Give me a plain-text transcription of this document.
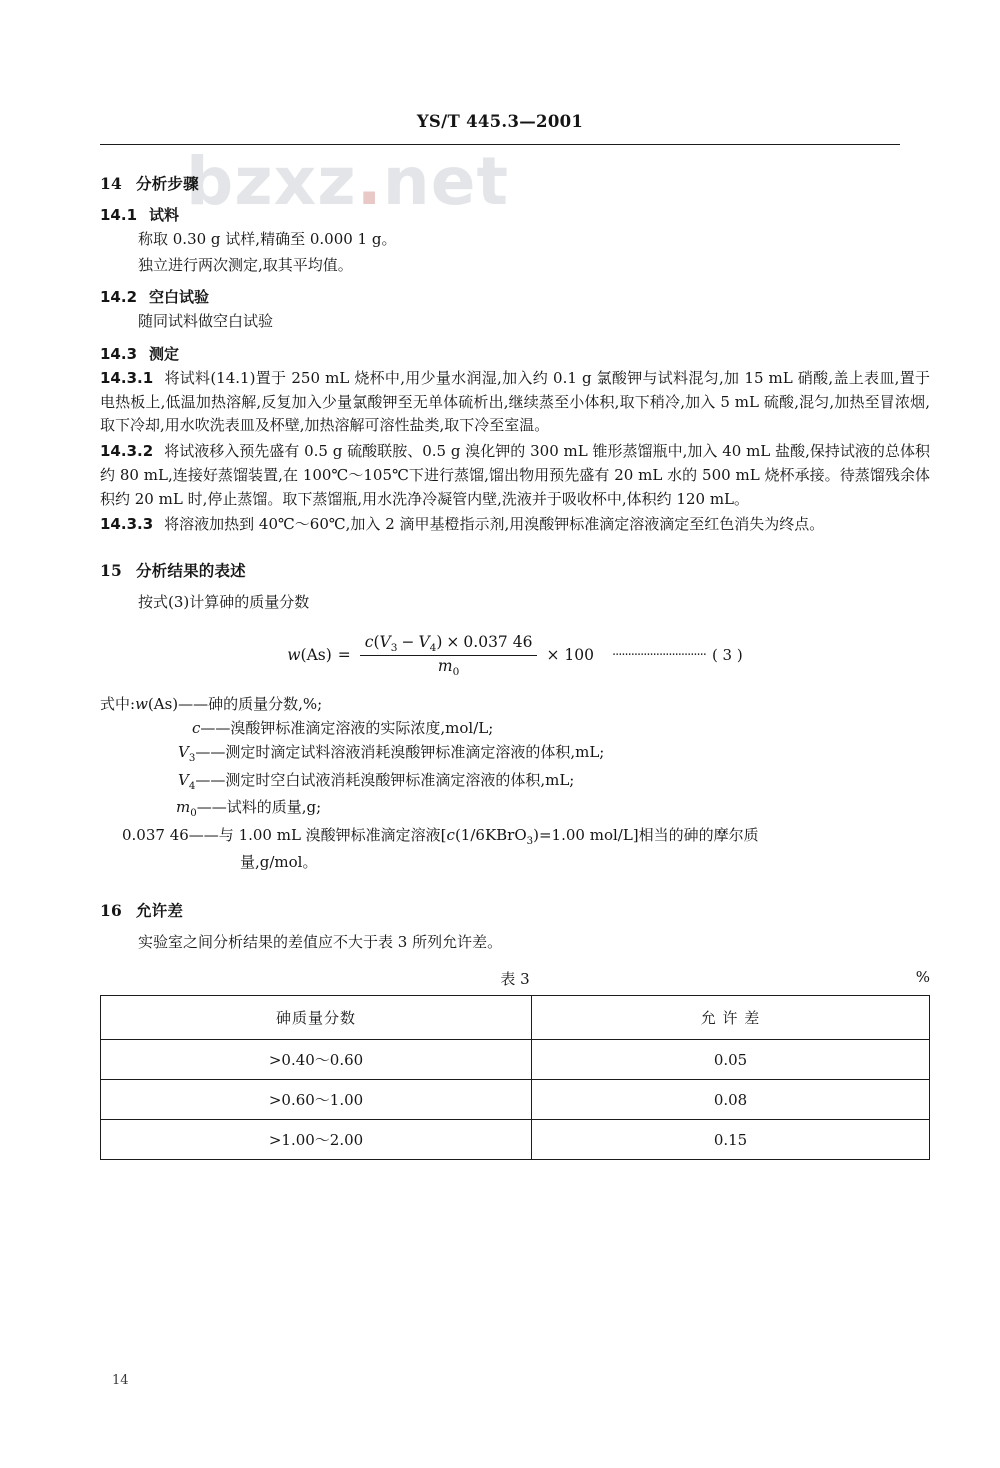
bzxz.net
YS/T 445.3—2001
14 分析步骤
14.1 试料
称取 0.30 g 试样,精确至 0.000 1 g。
独立进行两次测定,取其平均值。
14.2 空白试验
随同试料做空白试验
14.3 测定
14.3.1 将试料(14.1)置于 250 mL 烧杯中,用少量水润湿,加入约 0.1 g 氯酸钾与试料混匀,加 15 mL 硝酸,盖上表皿,置于电热板上,低温加热溶解,反复加入少量氯酸钾至无单体硫析出,继续蒸至小体积,取下稍冷,加入 5 mL 硫酸,混匀,加热至冒浓烟,取下冷却,用水吹洗表皿及杯壁,加热溶解可溶性盐类,取下冷至室温。
14.3.2 将试液移入预先盛有 0.5 g 硫酸联胺、0.5 g 溴化钾的 300 mL 锥形蒸馏瓶中,加入 40 mL 盐酸,保持试液的总体积约 80 mL,连接好蒸馏装置,在 100℃～105℃下进行蒸馏,馏出物用预先盛有 20 mL 水的 500 mL 烧杯承接。待蒸馏残余体积约 20 mL 时,停止蒸馏。取下蒸馏瓶,用水洗净冷凝管内壁,洗液并于吸收杯中,体积约 120 mL。
14.3.3 将溶液加热到 40℃～60℃,加入 2 滴甲基橙指示剂,用溴酸钾标准滴定溶液滴定至红色消失为终点。
15 分析结果的表述
按式(3)计算砷的质量分数
w $(As) = \frac{c(V_3 - V_4) \times 0.037 46}{m_0} \times 100$ ······························ ( 3 )
式中:w(As)—— 砷的质量分数,%;
c—— 溴酸钾标准滴定溶液的实际浓度,mol/L;
$V_3——$ 测定时滴定试料溶液消耗溴酸钾标准滴定溶液的体积,mL;
$V_4——$ 测定时空白试液消耗溴酸钾标准滴定溶液的体积,mL;
$m_0——$ 试料的质量,g;
0.037 46—— 与 1.00 mL 溴酸钾标准滴定溶液[c(1/6KBrO$_3$)=1.00 mol/L]相当的砷的摩尔质
量,g/mol。
16 允许差
实验室之间分析结果的差值应不大于表 3 所列允许差。
表 3	%
砷质量分数	允 许 差
>0.40～0.60	0.05
>0.60～1.00	0.08
>1.00～2.00	0.15
14
